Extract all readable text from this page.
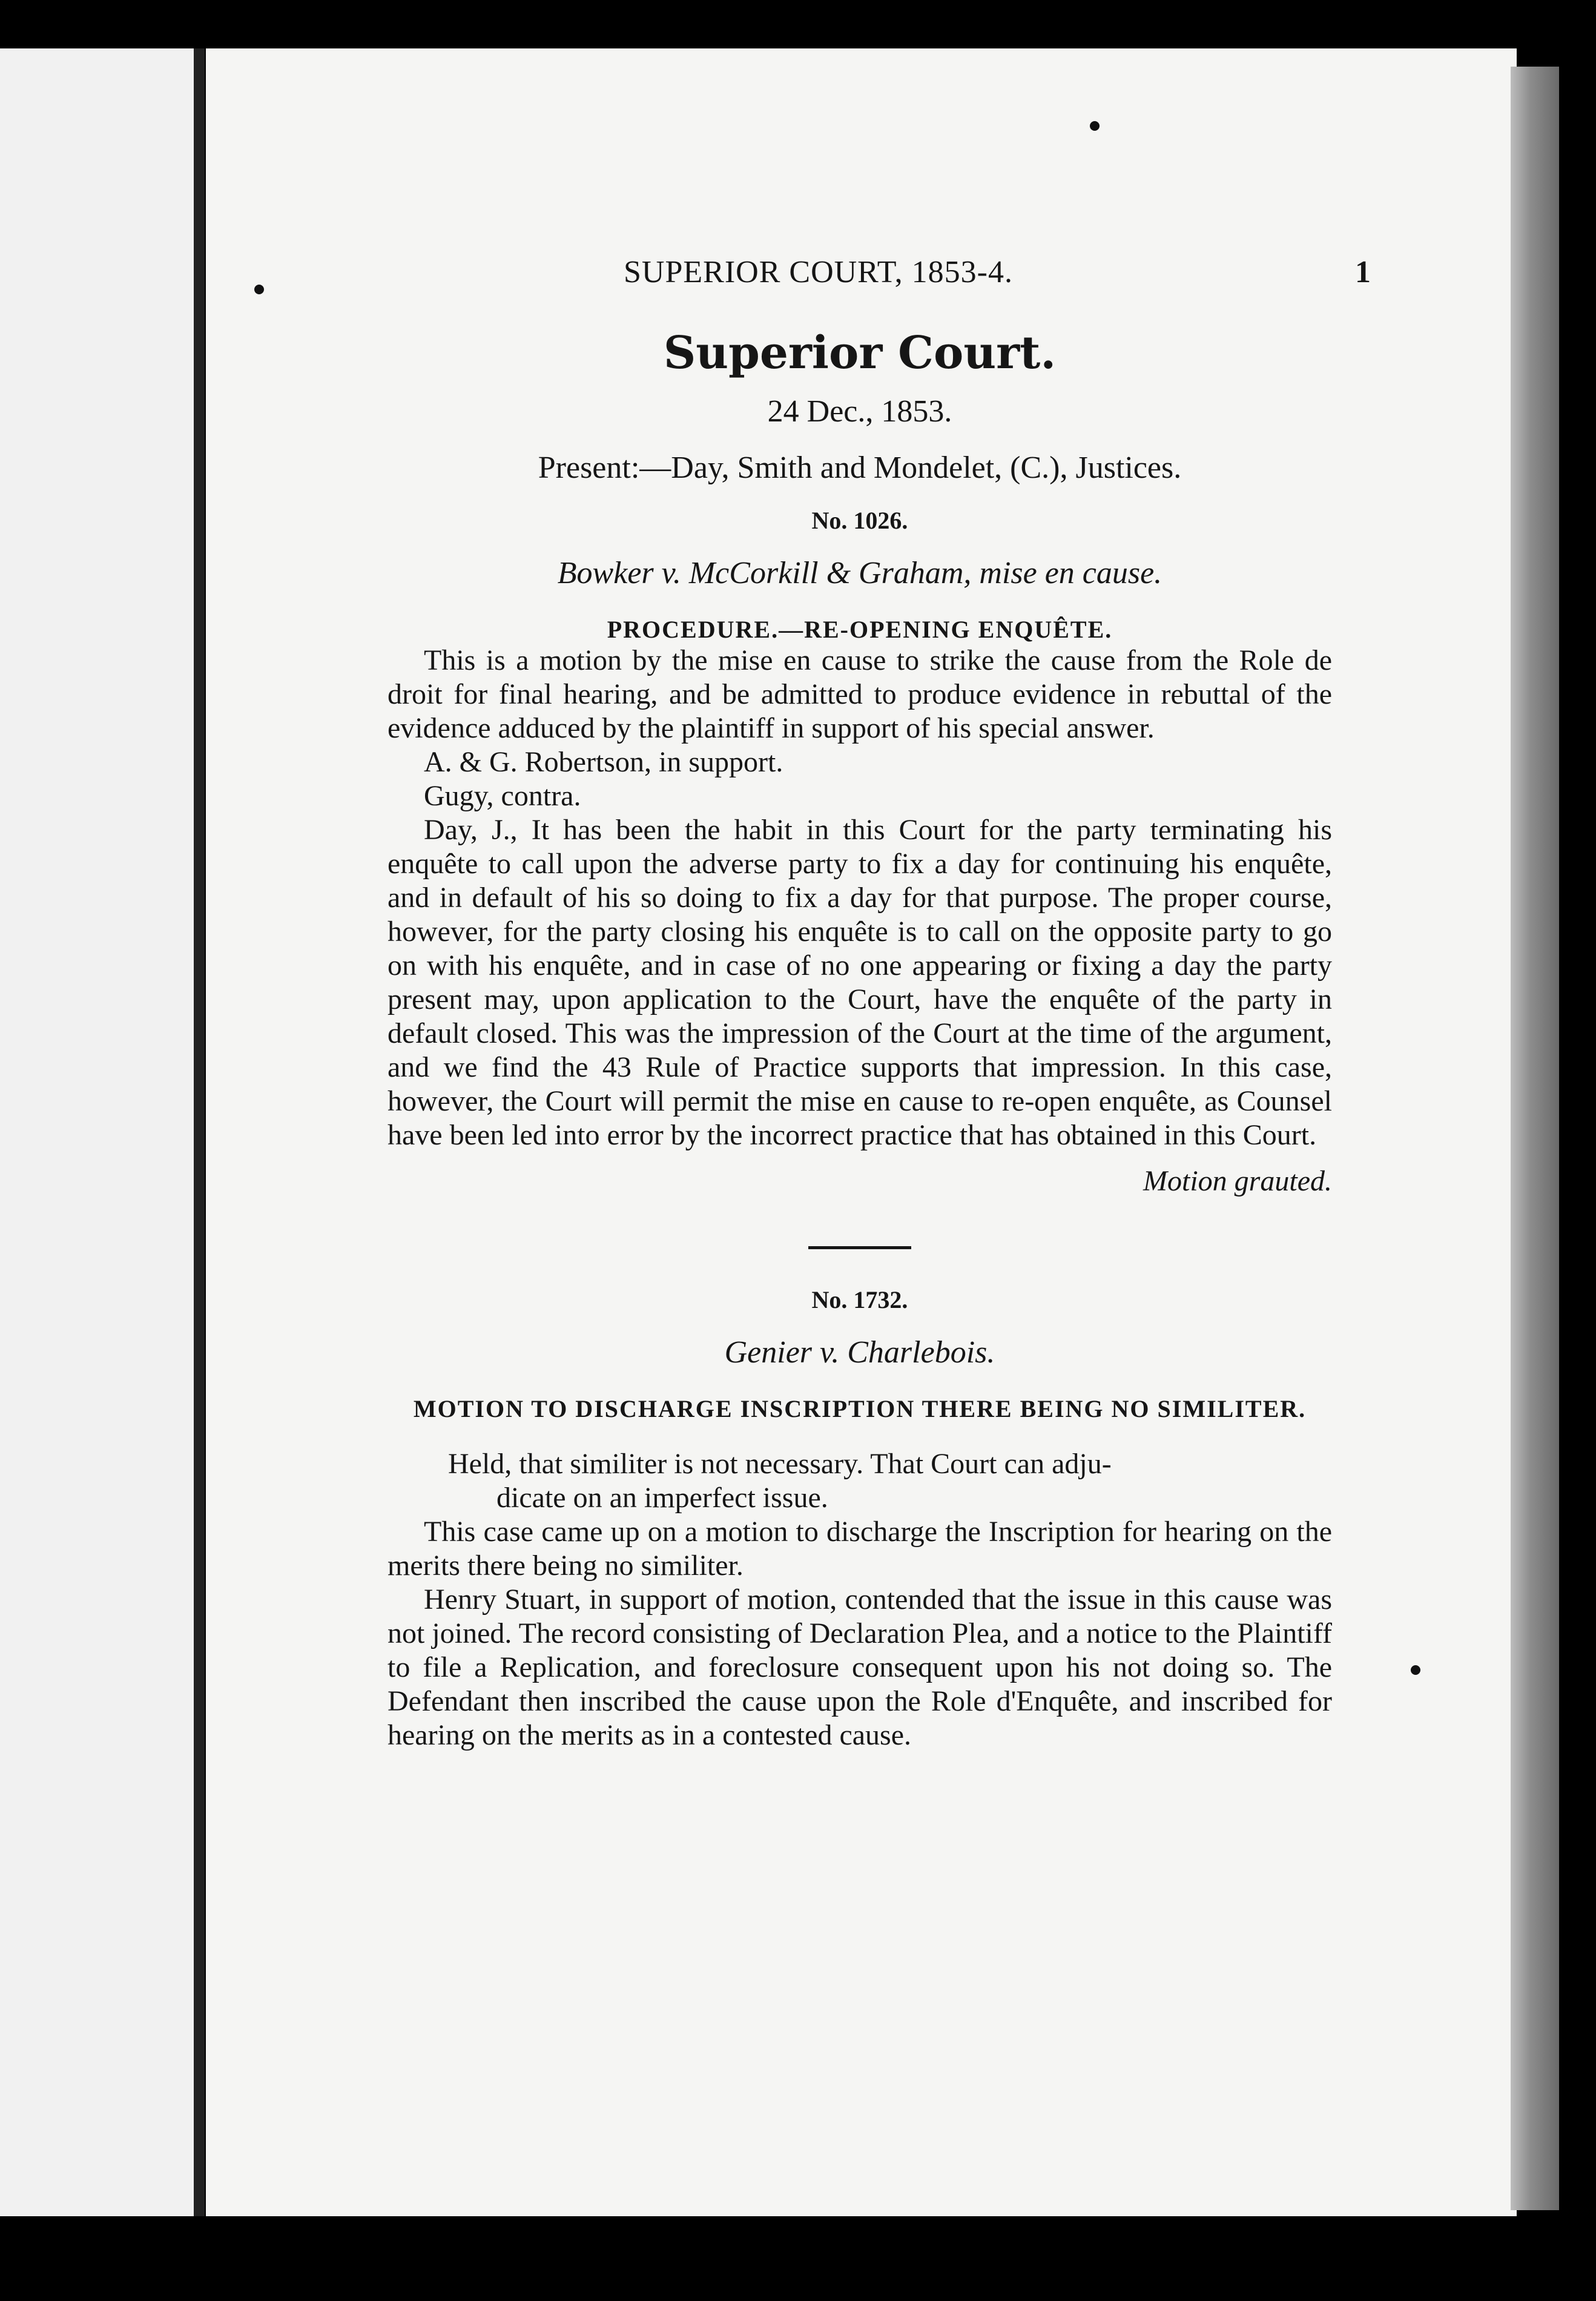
SUPERIOR COURT, 1853-4.	1
Superior Court.
24 Dec., 1853.
Present:—Day, Smith and Mondelet, (C.), Justices.
No. 1026.
Bowker v. McCorkill & Graham, mise en cause.
PROCEDURE.—RE-OPENING ENQUÊTE.

This is a motion by the mise en cause to strike the cause from the Role de droit for final hearing, and be admitted to produce evidence in rebuttal of the evidence adduced by the plaintiff in support of his special answer.

A. & G. Robertson, in support.

Gugy, contra.

Day, J., It has been the habit in this Court for the party terminating his enquête to call upon the adverse party to fix a day for continuing his enquête, and in default of his so doing to fix a day for that purpose. The proper course, however, for the party closing his enquête is to call on the opposite party to go on with his enquête, and in case of no one appearing or fixing a day the party present may, upon application to the Court, have the enquête of the party in default closed. This was the impression of the Court at the time of the argument, and we find the 43 Rule of Practice supports that impression. In this case, however, the Court will permit the mise en cause to re-open enquête, as Counsel have been led into error by the incorrect practice that has obtained in this Court.

Motion grauted.
No. 1732.
Genier v. Charlebois.
MOTION TO DISCHARGE INSCRIPTION THERE BEING NO SIMILITER.
Held, that similiter is not necessary. That Court can adju-
dicate on an imperfect issue.

This case came up on a motion to discharge the Inscription for hearing on the merits there being no similiter.

Henry Stuart, in support of motion, contended that the issue in this cause was not joined. The record consisting of Declaration Plea, and a notice to the Plaintiff to file a Replication, and foreclosure consequent upon his not doing so. The Defendant then inscribed the cause upon the Role d'Enquête, and inscribed for hearing on the merits as in a contested cause.
